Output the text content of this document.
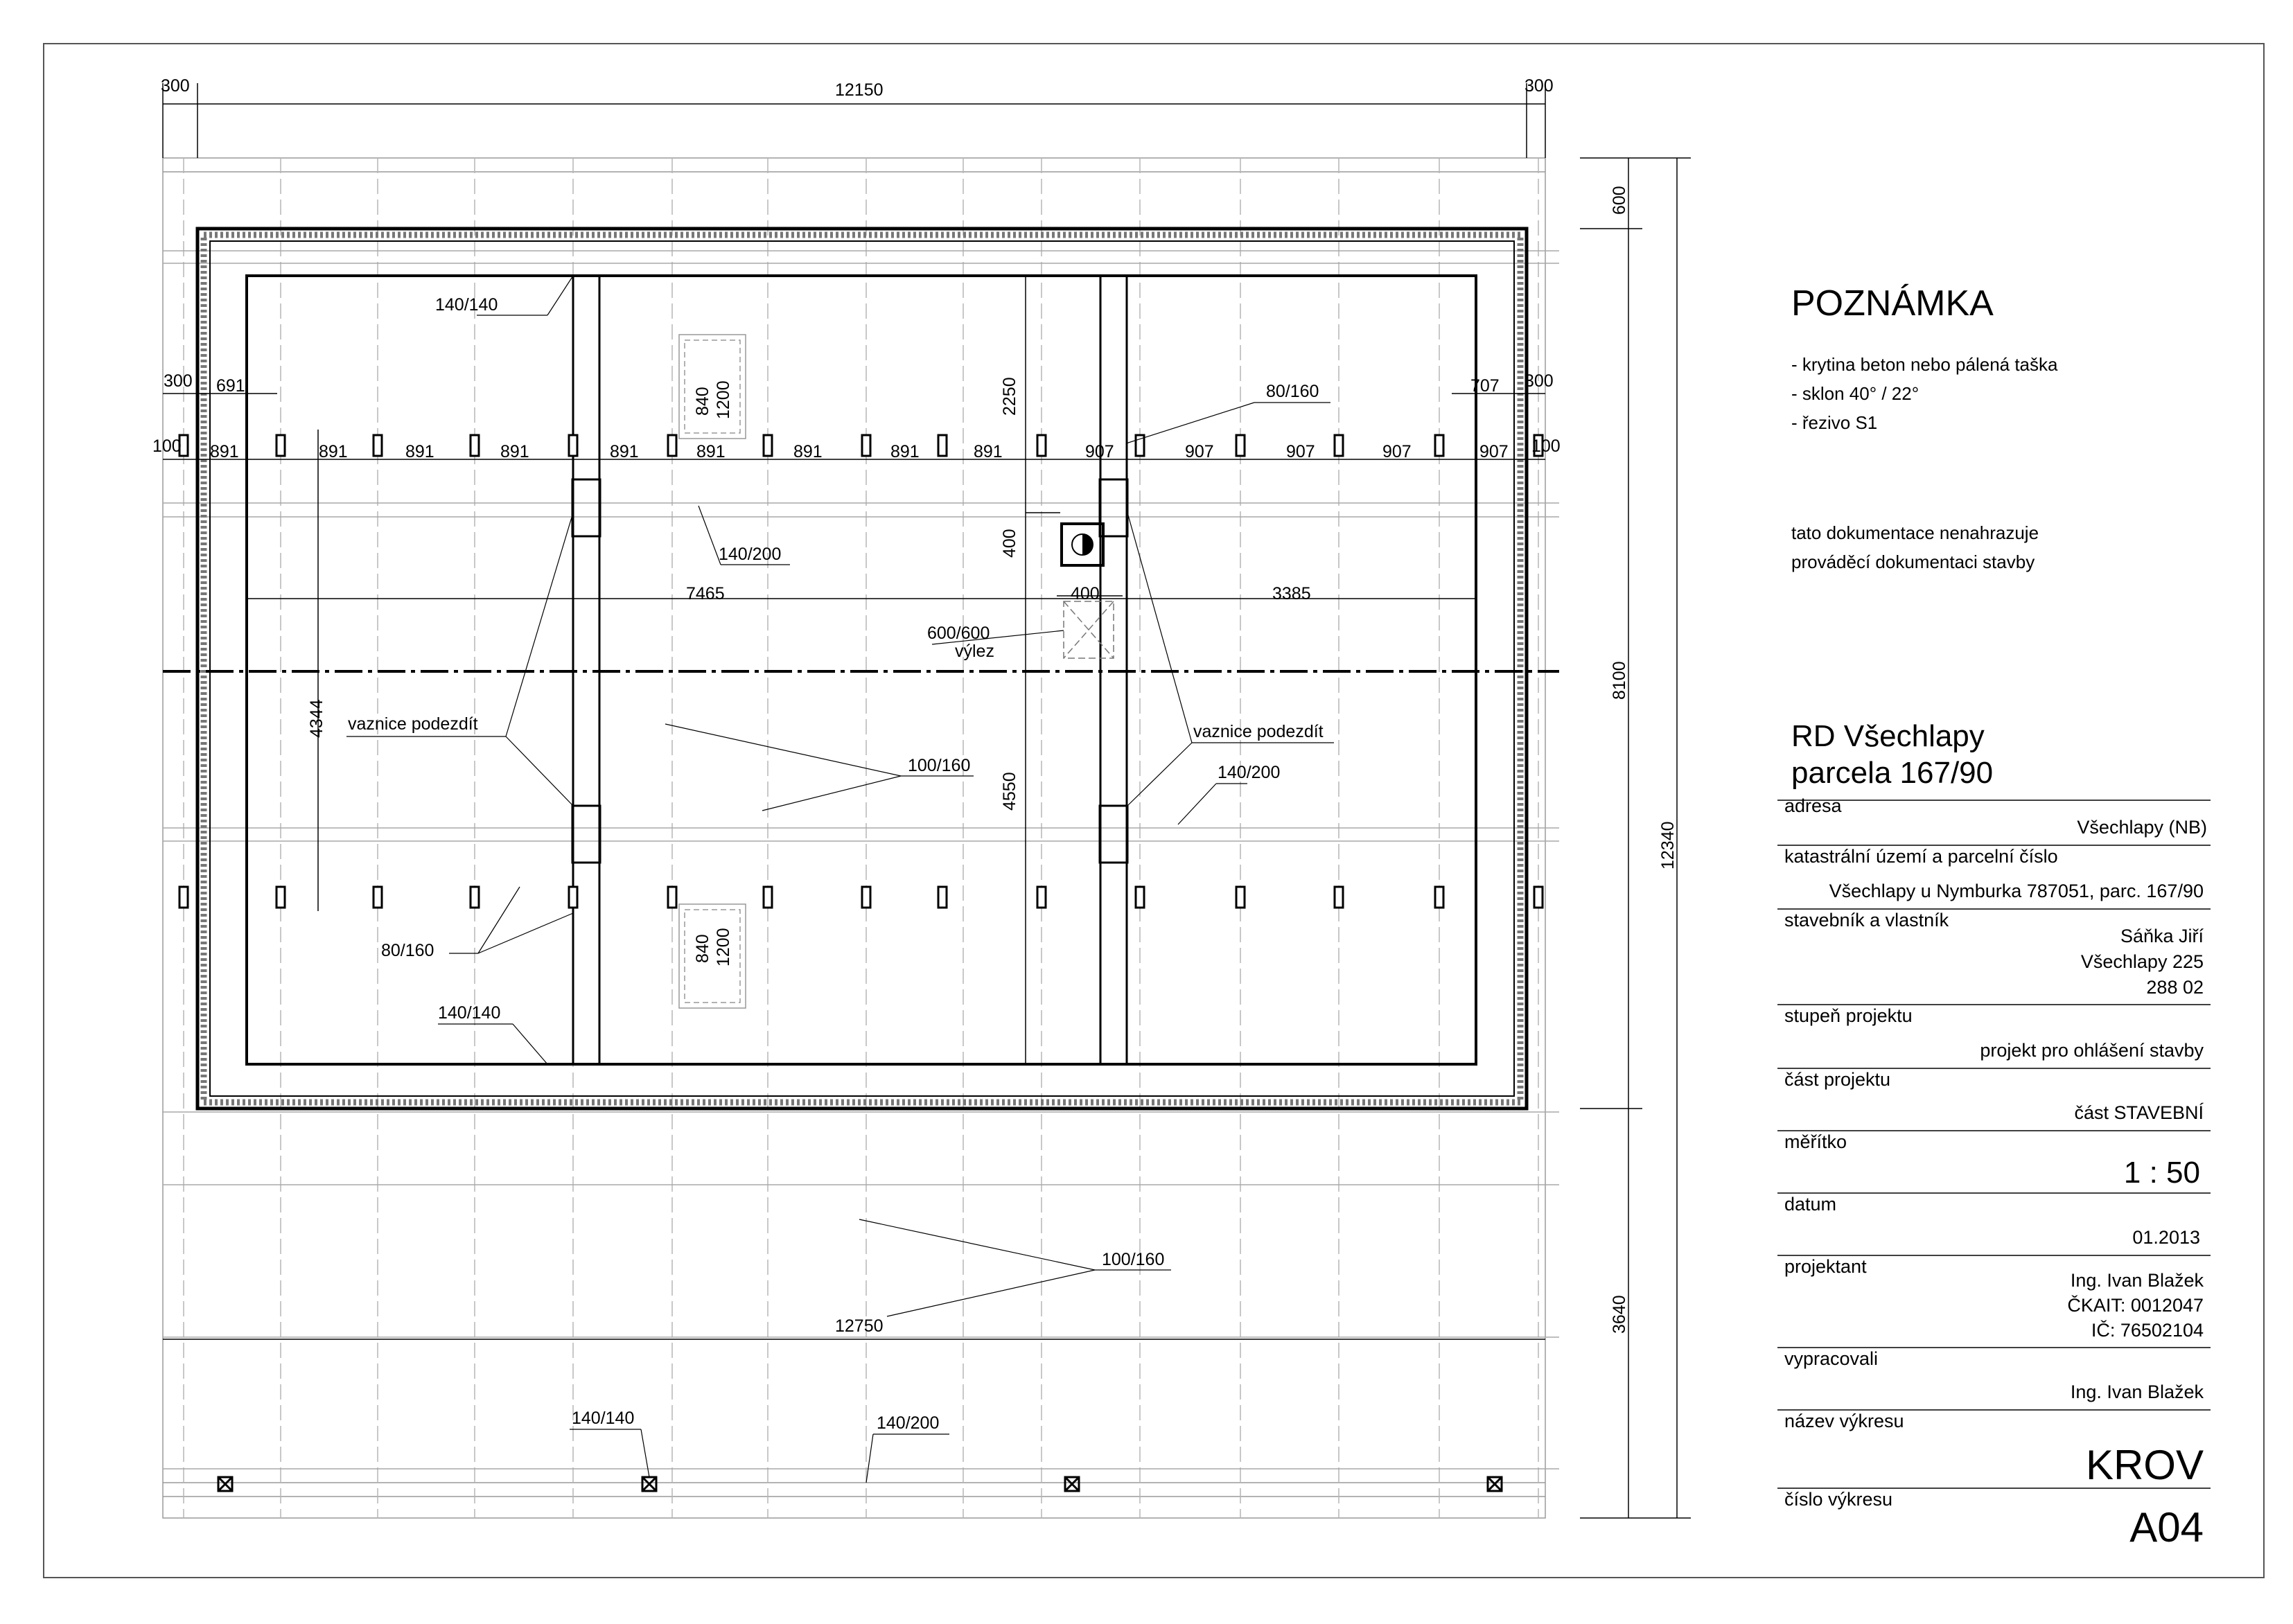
300	12150	300
600
8100
12340
3640
300 691
100
707 300
100
891	891	891	891	891	891	891	891	891	907	907	907	907	907
140/140
840 1200	2250	80/160
140/200	400
400
7465	3385
600/600
výlez
4344 vaznice podezdít	vaznice podezdít
100/160
4550	140/200
80/160	840 1200
140/140
100/160
12750
140/140	140/200
POZNÁMKA
- krytina beton nebo pálená taška
- sklon 40° / 22°
- řezivo S1
tato dokumentace nenahrazuje
prováděcí dokumentaci stavby
RD Všechlapy
parcela 167/90
adresa
Všechlapy (NB)
katastrální území a parcelní číslo
Všechlapy u Nymburka 787051, parc. 167/90
stavebník a vlastník
Sáňka Jiří
Všechlapy 225
288 02
stupeň projektu
projekt pro ohlášení stavby
část projektu
část STAVEBNÍ
měřítko
1 : 50
datum
01.2013
projektant
Ing. Ivan Blažek
ČKAIT: 0012047
IČ: 76502104
vypracovali
Ing. Ivan Blažek
název výkresu
KROV
číslo výkresu
A04
